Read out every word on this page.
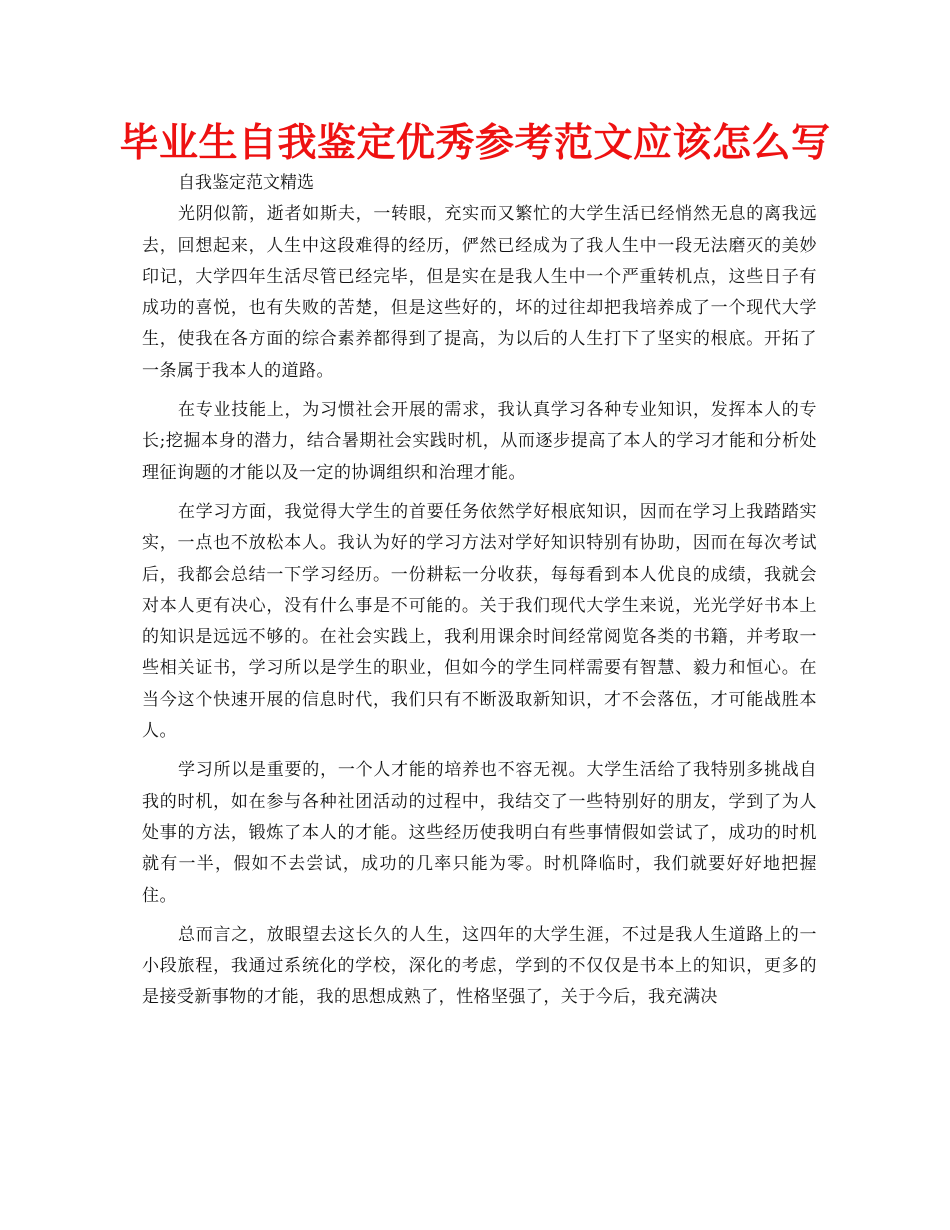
毕业生自我鉴定优秀参考范文应该怎么写

自我鉴定范文精选

光阴似箭，逝者如斯夫，一转眼，充实而又繁忙的大学生活已经悄然无息的离我远去，回想起来，人生中这段难得的经历，俨然已经成为了我人生中一段无法磨灭的美妙印记，大学四年生活尽管已经完毕，但是实在是我人生中一个严重转机点，这些日子有成功的喜悦，也有失败的苦楚，但是这些好的，坏的过往却把我培养成了一个现代大学生，使我在各方面的综合素养都得到了提高，为以后的人生打下了坚实的根底。开拓了一条属于我本人的道路。

在专业技能上，为习惯社会开展的需求，我认真学习各种专业知识，发挥本人的专长;挖掘本身的潜力，结合暑期社会实践时机，从而逐步提高了本人的学习才能和分析处理征询题的才能以及一定的协调组织和治理才能。

在学习方面，我觉得大学生的首要任务依然学好根底知识，因而在学习上我踏踏实实，一点也不放松本人。我认为好的学习方法对学好知识特别有协助，因而在每次考试后，我都会总结一下学习经历。一份耕耘一分收获，每每看到本人优良的成绩，我就会对本人更有决心，没有什么事是不可能的。关于我们现代大学生来说，光光学好书本上的知识是远远不够的。在社会实践上，我利用课余时间经常阅览各类的书籍，并考取一些相关证书，学习所以是学生的职业，但如今的学生同样需要有智慧、毅力和恒心。在当今这个快速开展的信息时代，我们只有不断汲取新知识，才不会落伍，才可能战胜本人。

学习所以是重要的，一个人才能的培养也不容无视。大学生活给了我特别多挑战自我的时机，如在参与各种社团活动的过程中，我结交了一些特别好的朋友，学到了为人处事的方法，锻炼了本人的才能。这些经历使我明白有些事情假如尝试了，成功的时机就有一半，假如不去尝试，成功的几率只能为零。时机降临时，我们就要好好地把握住。

总而言之，放眼望去这长久的人生，这四年的大学生涯，不过是我人生道路上的一小段旅程，我通过系统化的学校，深化的考虑，学到的不仅仅是书本上的知识，更多的是接受新事物的才能，我的思想成熟了，性格坚强了，关于今后，我充满决
